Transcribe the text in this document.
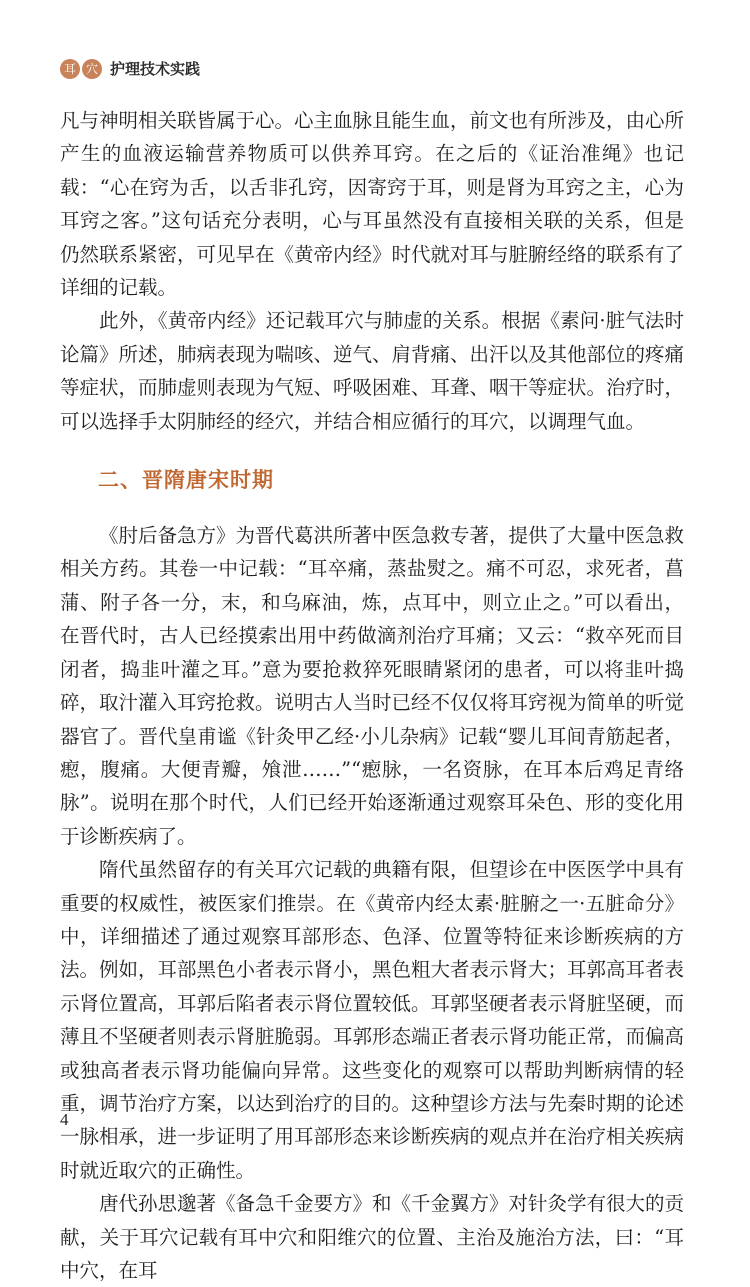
耳 穴 护理技术实践

凡与神明相关联皆属于心。心主血脉且能生血，前文也有所涉及，由心所产生的血液运输营养物质可以供养耳窍。在之后的《证治准绳》也记载：“心在窍为舌，以舌非孔窍，因寄窍于耳，则是肾为耳窍之主，心为耳窍之客。”这句话充分表明，心与耳虽然没有直接相关联的关系，但是仍然联系紧密，可见早在《黄帝内经》时代就对耳与脏腑经络的联系有了详细的记载。

此外，《黄帝内经》还记载耳穴与肺虚的关系。根据《素问·脏气法时论篇》所述，肺病表现为喘咳、逆气、肩背痛、出汗以及其他部位的疼痛等症状，而肺虚则表现为气短、呼吸困难、耳聋、咽干等症状。治疗时，可以选择手太阴肺经的经穴，并结合相应循行的耳穴，以调理气血。

二、晋隋唐宋时期

《肘后备急方》为晋代葛洪所著中医急救专著，提供了大量中医急救相关方药。其卷一中记载：“耳卒痛，蒸盐熨之。痛不可忍，求死者，菖蒲、附子各一分，末，和乌麻油，炼，点耳中，则立止之。”可以看出，在晋代时，古人已经摸索出用中药做滴剂治疗耳痛；又云：“救卒死而目闭者，捣韭叶灌之耳。”意为要抢救猝死眼睛紧闭的患者，可以将韭叶捣碎，取汁灌入耳窍抢救。说明古人当时已经不仅仅将耳窍视为简单的听觉器官了。晋代皇甫谧《针灸甲乙经·小儿杂病》记载“婴儿耳间青筋起者，瘛，腹痛。大便青瓣，飧泄……”“瘛脉，一名资脉，在耳本后鸡足青络脉”。说明在那个时代，人们已经开始逐渐通过观察耳朵色、形的变化用于诊断疾病了。

隋代虽然留存的有关耳穴记载的典籍有限，但望诊在中医医学中具有重要的权威性，被医家们推崇。在《黄帝内经太素·脏腑之一·五脏命分》中，详细描述了通过观察耳部形态、色泽、位置等特征来诊断疾病的方法。例如，耳部黑色小者表示肾小，黑色粗大者表示肾大；耳郭高耳者表示肾位置高，耳郭后陷者表示肾位置较低。耳郭坚硬者表示肾脏坚硬，而薄且不坚硬者则表示肾脏脆弱。耳郭形态端正者表示肾功能正常，而偏高或独高者表示肾功能偏向异常。这些变化的观察可以帮助判断病情的轻重，调节治疗方案，以达到治疗的目的。这种望诊方法与先秦时期的论述一脉相承，进一步证明了用耳部形态来诊断疾病的观点并在治疗相关疾病时就近取穴的正确性。

唐代孙思邈著《备急千金要方》和《千金翼方》对针灸学有很大的贡献，关于耳穴记载有耳中穴和阳维穴的位置、主治及施治方法，曰：“耳中穴，在耳

4
